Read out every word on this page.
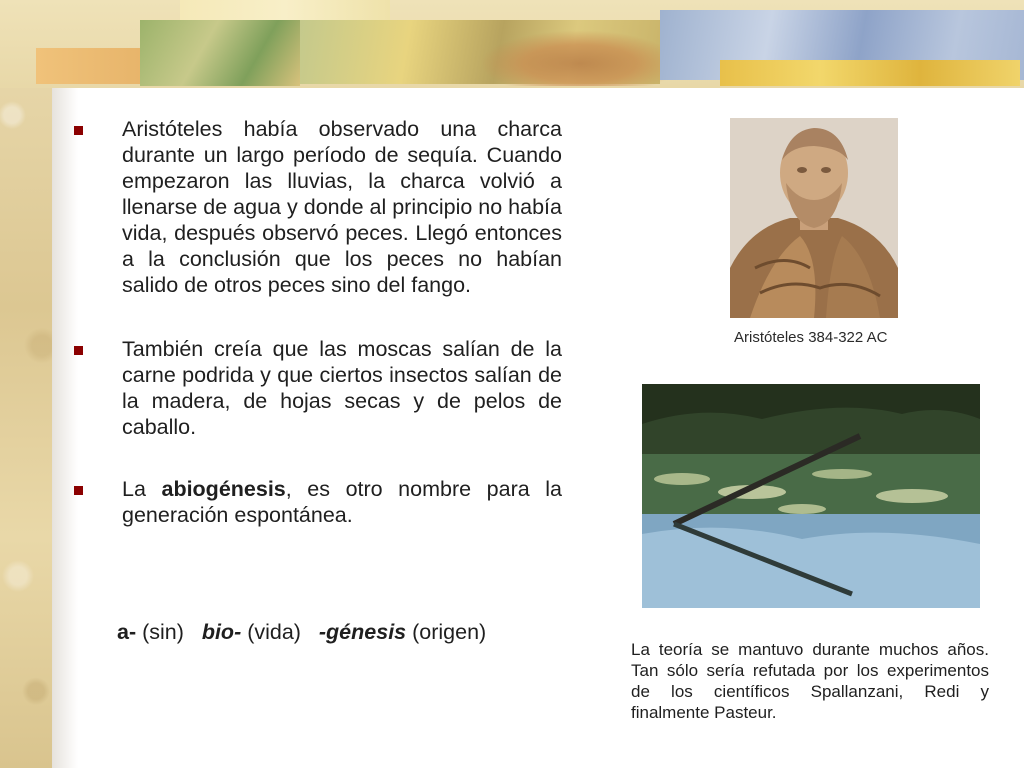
Aristóteles había observado una charca durante un largo período de sequía. Cuando empezaron las lluvias, la charca volvió a llenarse de agua y donde al principio no había vida, después observó peces. Llegó entonces a la conclusión que los peces no habían salido de otros peces sino del fango.

También creía que las moscas salían de la carne podrida y que ciertos insectos salían de la madera, de hojas secas y de pelos de caballo.

La abiogénesis, es otro nombre para la generación espontánea.

a- (sin)   bio- (vida)   -génesis (origen)
Aristóteles 384-322 AC

La teoría se mantuvo durante muchos años. Tan sólo sería refutada por los experimentos de los científicos Spallanzani, Redi y finalmente Pasteur.
